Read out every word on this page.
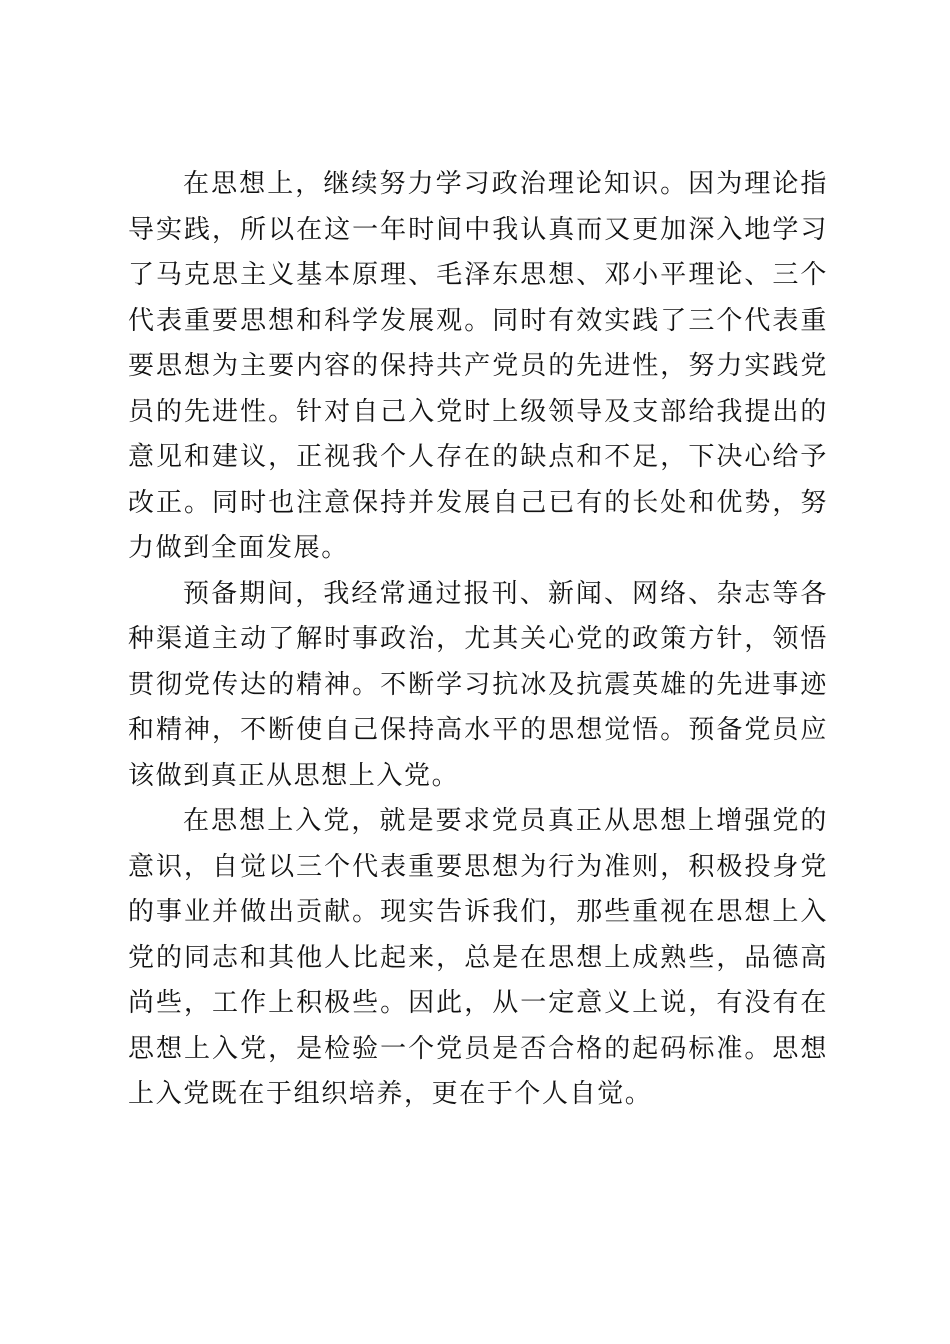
在思想上，继续努力学习政治理论知识。因为理论指导实践，所以在这一年时间中我认真而又更加深入地学习了马克思主义基本原理、毛泽东思想、邓小平理论、三个代表重要思想和科学发展观。同时有效实践了三个代表重要思想为主要内容的保持共产党员的先进性，努力实践党员的先进性。针对自己入党时上级领导及支部给我提出的意见和建议，正视我个人存在的缺点和不足，下决心给予改正。同时也注意保持并发展自己已有的长处和优势，努力做到全面发展。

预备期间，我经常通过报刊、新闻、网络、杂志等各种渠道主动了解时事政治，尤其关心党的政策方针，领悟贯彻党传达的精神。不断学习抗冰及抗震英雄的先进事迹和精神，不断使自己保持高水平的思想觉悟。预备党员应该做到真正从思想上入党。

在思想上入党，就是要求党员真正从思想上增强党的意识，自觉以三个代表重要思想为行为准则，积极投身党的事业并做出贡献。现实告诉我们，那些重视在思想上入党的同志和其他人比起来，总是在思想上成熟些，品德高尚些，工作上积极些。因此，从一定意义上说，有没有在思想上入党，是检验一个党员是否合格的起码标准。思想上入党既在于组织培养，更在于个人自觉。
